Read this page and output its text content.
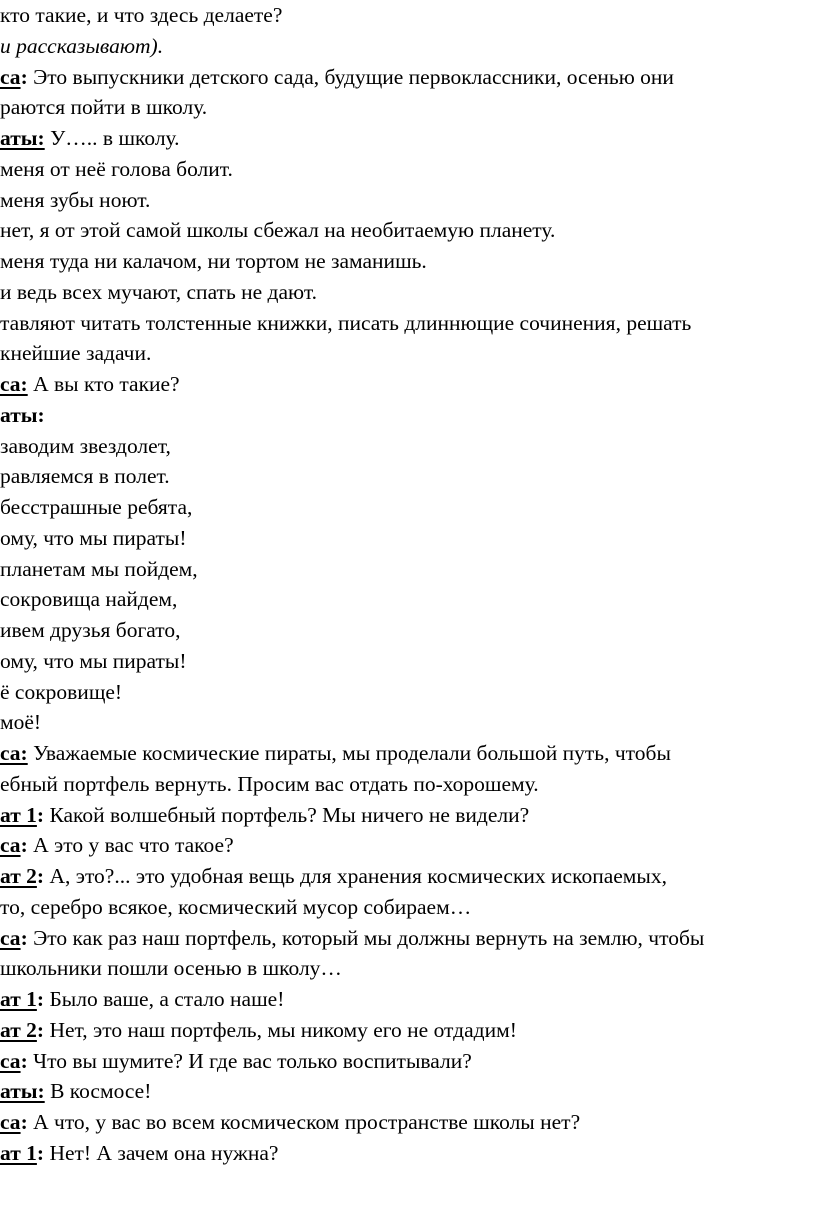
кто такие, и что здесь делаете?
и рассказывают).
са: Это выпускники детского сада, будущие первоклассники, осенью они
раются пойти в школу.
аты: У….. в школу.
меня от неё голова болит.
меня зубы ноют.
нет, я от этой самой школы сбежал на необитаемую планету.
меня туда ни калачом, ни тортом не заманишь.
и ведь всех мучают, спать не дают.
тавляют читать толстенные книжки, писать длиннющие сочинения, решать
кнейшие задачи.
са: А вы кто такие?
аты:
заводим звездолет,
равляемся в полет.
бесстрашные ребята,
ому, что мы пираты!
планетам мы пойдем,
сокровища найдем,
ивем друзья богато,
ому, что мы пираты!
ё сокровище!
моё!
са: Уважаемые космические пираты, мы проделали большой путь, чтобы
ебный портфель вернуть. Просим вас отдать по-хорошему.
ат 1: Какой волшебный портфель? Мы ничего не видели?
са: А это у вас что такое?
ат 2: А, это?... это удобная вещь для хранения космических ископаемых,
то, серебро всякое, космический мусор собираем…
са: Это как раз наш портфель, который мы должны вернуть на землю, чтобы
школьники пошли осенью в школу…
ат 1: Было ваше, а стало наше!
ат 2: Нет, это наш портфель, мы никому его не отдадим!
са: Что вы шумите? И где вас только воспитывали?
аты: В космосе!
са: А что, у вас во всем космическом пространстве школы нет?
ат 1: Нет! А зачем она нужна?
